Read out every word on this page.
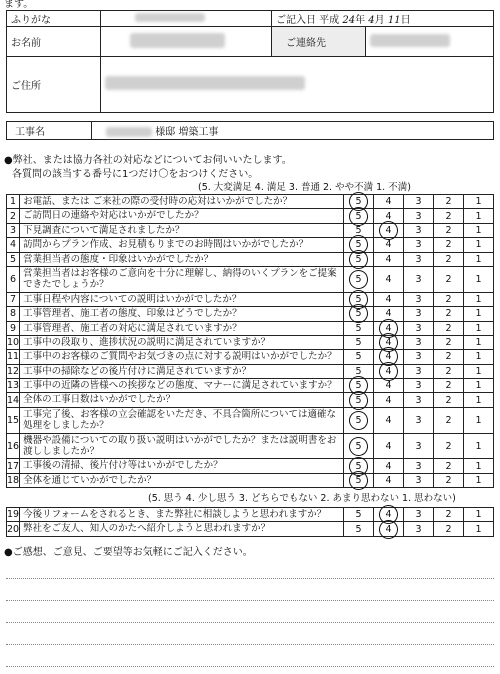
ます。
ふりがな		ご記入日 平成 24年 4月 11日	
お名前		ご連絡先	
ご住所			
工事名	様邸 増築工事
●弊社、または協力各社の対応などについてお伺いいたします。
各質問の該当する番号に1つだけ〇をおつけください。
(5. 大変満足 4. 満足 3. 普通 2. やや不満 1. 不満)
1	お電話、または ご来社の際の受付時の応対はいかがでしたか？	5	4	3	2	1
2	ご訪問日の連絡や対応はいかがでしたか？	5	4	3	2	1
3	下見調査について満足されましたか？	5	4	3	2	1
4	訪問からプラン作成、お見積もりまでのお時間はいかがでしたか？	5	4	3	2	1
5	営業担当者の態度・印象はいかがでしたか？	5	4	3	2	1
6	営業担当者はお客様のご意向を十分に理解し、納得のいくプランをご提案できたでしょうか？	5	4	3	2	1
7	工事日程や内容についての説明はいかがでしたか？	5	4	3	2	1
8	工事管理者、施工者の態度、印象はどうでしたか？	5	4	3	2	1
9	工事管理者、施工者の対応に満足されていますか？	5	4	3	2	1
10	工事中の段取り、進捗状況の説明に満足されていますか？	5	4	3	2	1
11	工事中のお客様のご質問やお気づきの点に対する説明はいかがでしたか？	5	4	3	2	1
12	工事中の掃除などの後片付けに満足されていますか？	5	4	3	2	1
13	工事中の近隣の皆様への挨拶などの態度、マナーに満足されていますか？	5	4	3	2	1
14	全体の工事日数はいかがでしたか？	5	4	3	2	1
15	工事完了後、お客様の立会確認をいただき、不具合箇所については適確な処理をしましたか？	5	4	3	2	1
16	機器や設備についての取り扱い説明はいかがでしたか？または説明書をお渡ししましたか？	5	4	3	2	1
17	工事後の清掃、後片付け等はいかがでしたか？	5	4	3	2	1
18	全体を通じていかがでしたか？	5	4	3	2	1
(5. 思う 4. 少し思う 3. どちらでもない 2. あまり思わない 1. 思わない)
19	今後リフォームをされるとき、また弊社に相談しようと思われますか？	5	4	3	2	1
20	弊社をご友人、知人のかたへ紹介しようと思われますか？	5	4	3	2	1
●ご感想、ご意見、ご要望等お気軽にご記入ください。
